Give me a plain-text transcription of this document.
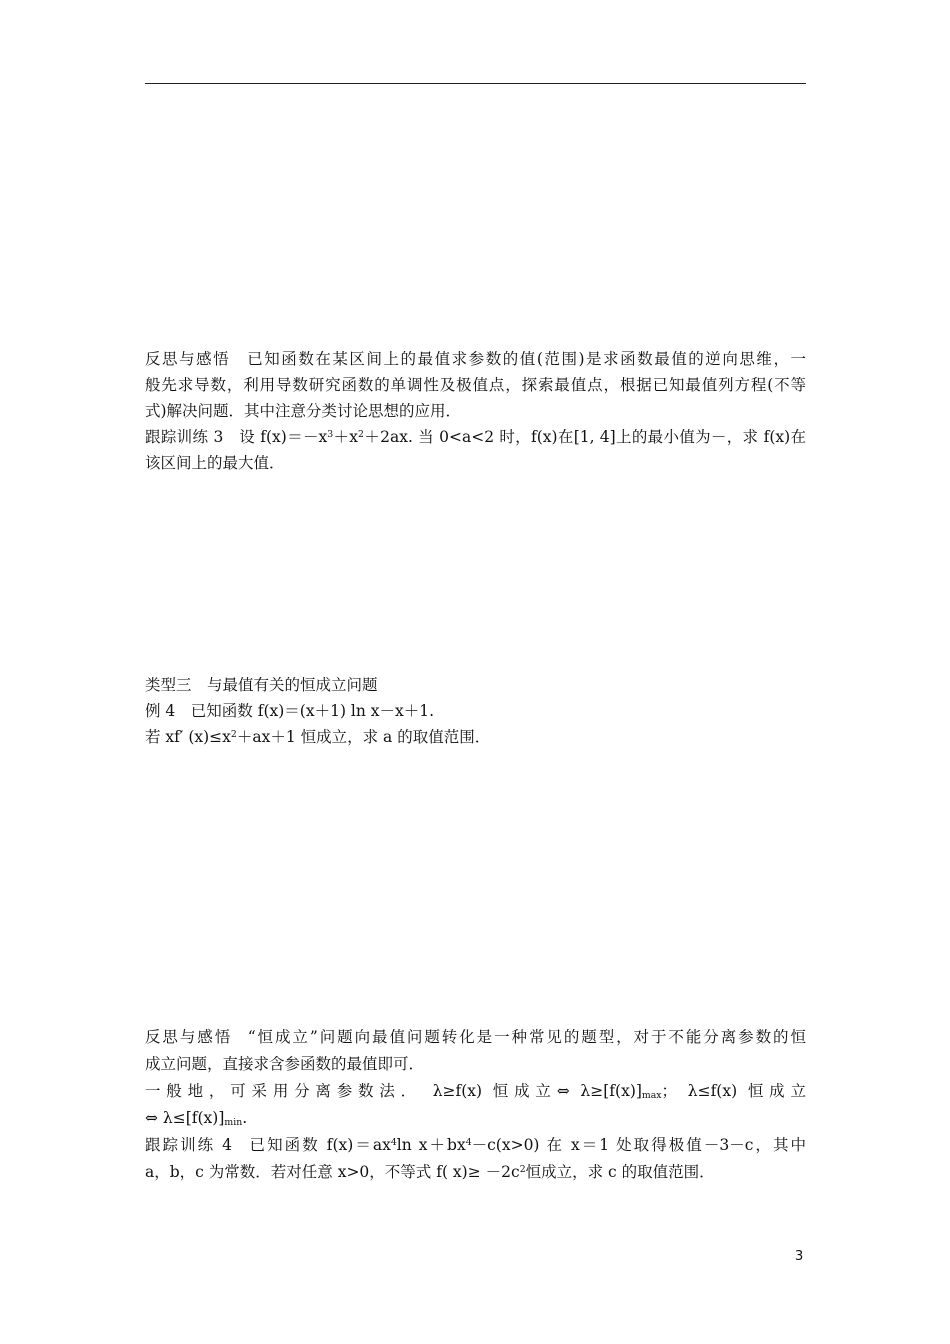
反思与感悟 已知函数在某区间上的最值求参数的值(范围)是求函数最值的逆向思维，一
般先求导数，利用导数研究函数的单调性及极值点，探索最值点，根据已知最值列方程(不等
式)解决问题．其中注意分类讨论思想的应用．
跟踪训练 3 设 $f(x)=-x^3+x^2+2ax$. 当 0<a<2 时，f(x)在[1, 4]上的最小值为－，求 f(x)在
该区间上的最大值．
类型三　与最值有关的恒成立问题
例 4 已知函数 f(x)＝(x＋1) ln x－x＋1.
若 xf′ $(x)\le x^2+ax+1$ 恒成立，求 a 的取值范围．
反思与感悟 “恒成立”问题向最值问题转化是一种常见的题型，对于不能分离参数的恒
成立问题，直接求含参函数的最值即可．
一般地，可采用分离参数法． λ≥f(x) 恒成立⇔ $\lambda\ge[f(x)]_{max}$； λ≤f(x) 恒成立
⇔ $\lambda\le[f(x)]_{min}$.
跟踪训练 4 已知函数 $f(x)=ax^4\ln$ $x+bx^4-c(x>0)$ 在 x＝1 处取得极值－3－c，其中
a，b，c 为常数．若对任意 x>0，不等式 f( $x)\ge -2c^2$恒成立，求 c 的取值范围．
3
